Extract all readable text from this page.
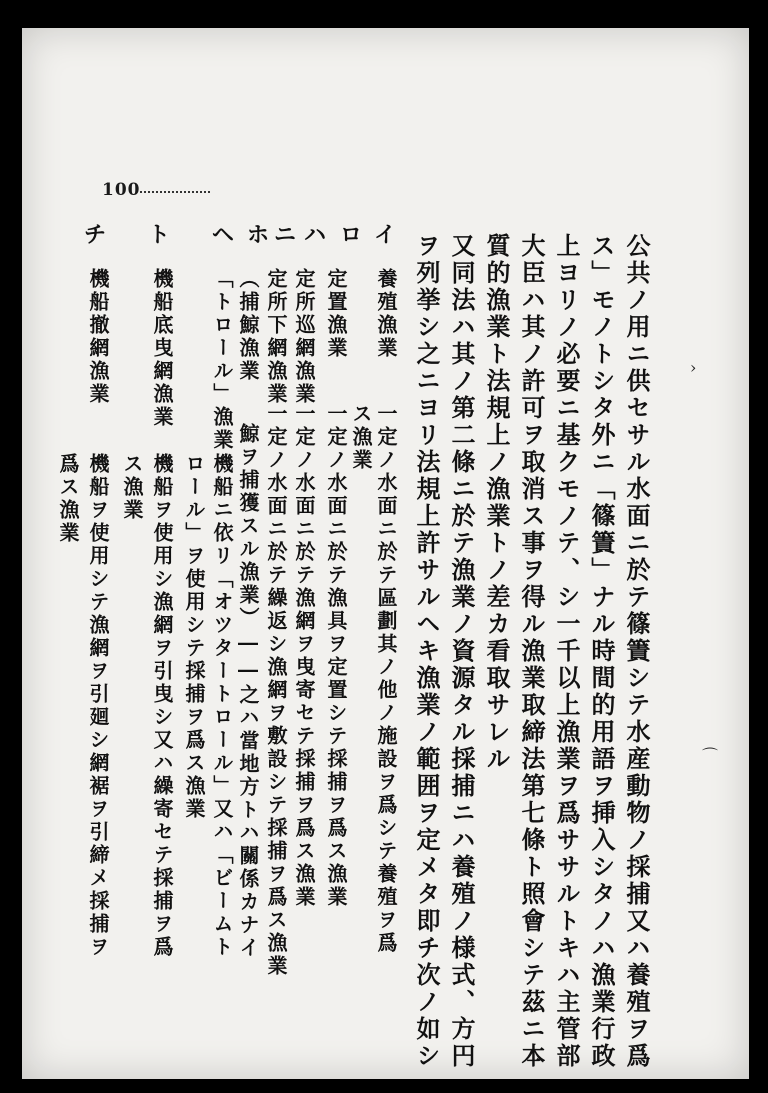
100
公共ノ用ニ供セサル水面ニ於テ篠簀シテ水産動物ノ採捕又ハ養殖ヲ爲
ス」モノトシタ外ニ「篠簀」ナル時間的用語ヲ挿入シタノハ漁業行政
上ヨリノ必要ニ基クモノテ、シ一千以上漁業ヲ爲ササルトキハ主管部
大臣ハ其ノ許可ヲ取消ス事ヲ得ル漁業取締法第七條ト照會シテ茲ニ本
質的漁業ト法規上ノ漁業トノ差カ看取サレル
又同法ハ其ノ第二條ニ於テ漁業ノ資源タル採捕ニハ養殖ノ様式、方円
ヲ列挙シ之ニヨリ法規上許サルヘキ漁業ノ範囲ヲ定メタ即チ次ノ如シ
イ
養殖漁業
一定ノ水面ニ於テ區劃其ノ他ノ施設ヲ爲シテ養殖ヲ爲
ス漁業
ロ
定置漁業
一定ノ水面ニ於テ漁具ヲ定置シテ採捕ヲ爲ス漁業
ハ
定所巡網漁業
一定ノ水面ニ於テ漁網ヲ曳寄セテ採捕ヲ爲ス漁業
ニ
定所下網漁業
一定ノ水面ニ於テ繰返シ漁網ヲ敷設シテ採捕ヲ爲ス漁業
ホ
（捕鯨漁業
鯨ヲ捕獲スル漁業）――之ハ當地方トハ關係カナイ
ヘ
「トロール」漁業
機船ニ依リ「オツタートロール」又ハ「ビームト
ロール」ヲ使用シテ採捕ヲ爲ス漁業
ト
機船底曳網漁業
機船ヲ使用シ漁網ヲ引曳シ又ハ繰寄セテ採捕ヲ爲
ス漁業
チ
機船撤網漁業
機船ヲ使用シテ漁網ヲ引廻シ網裾ヲ引締メ採捕ヲ
爲ス漁業
›
⌒
